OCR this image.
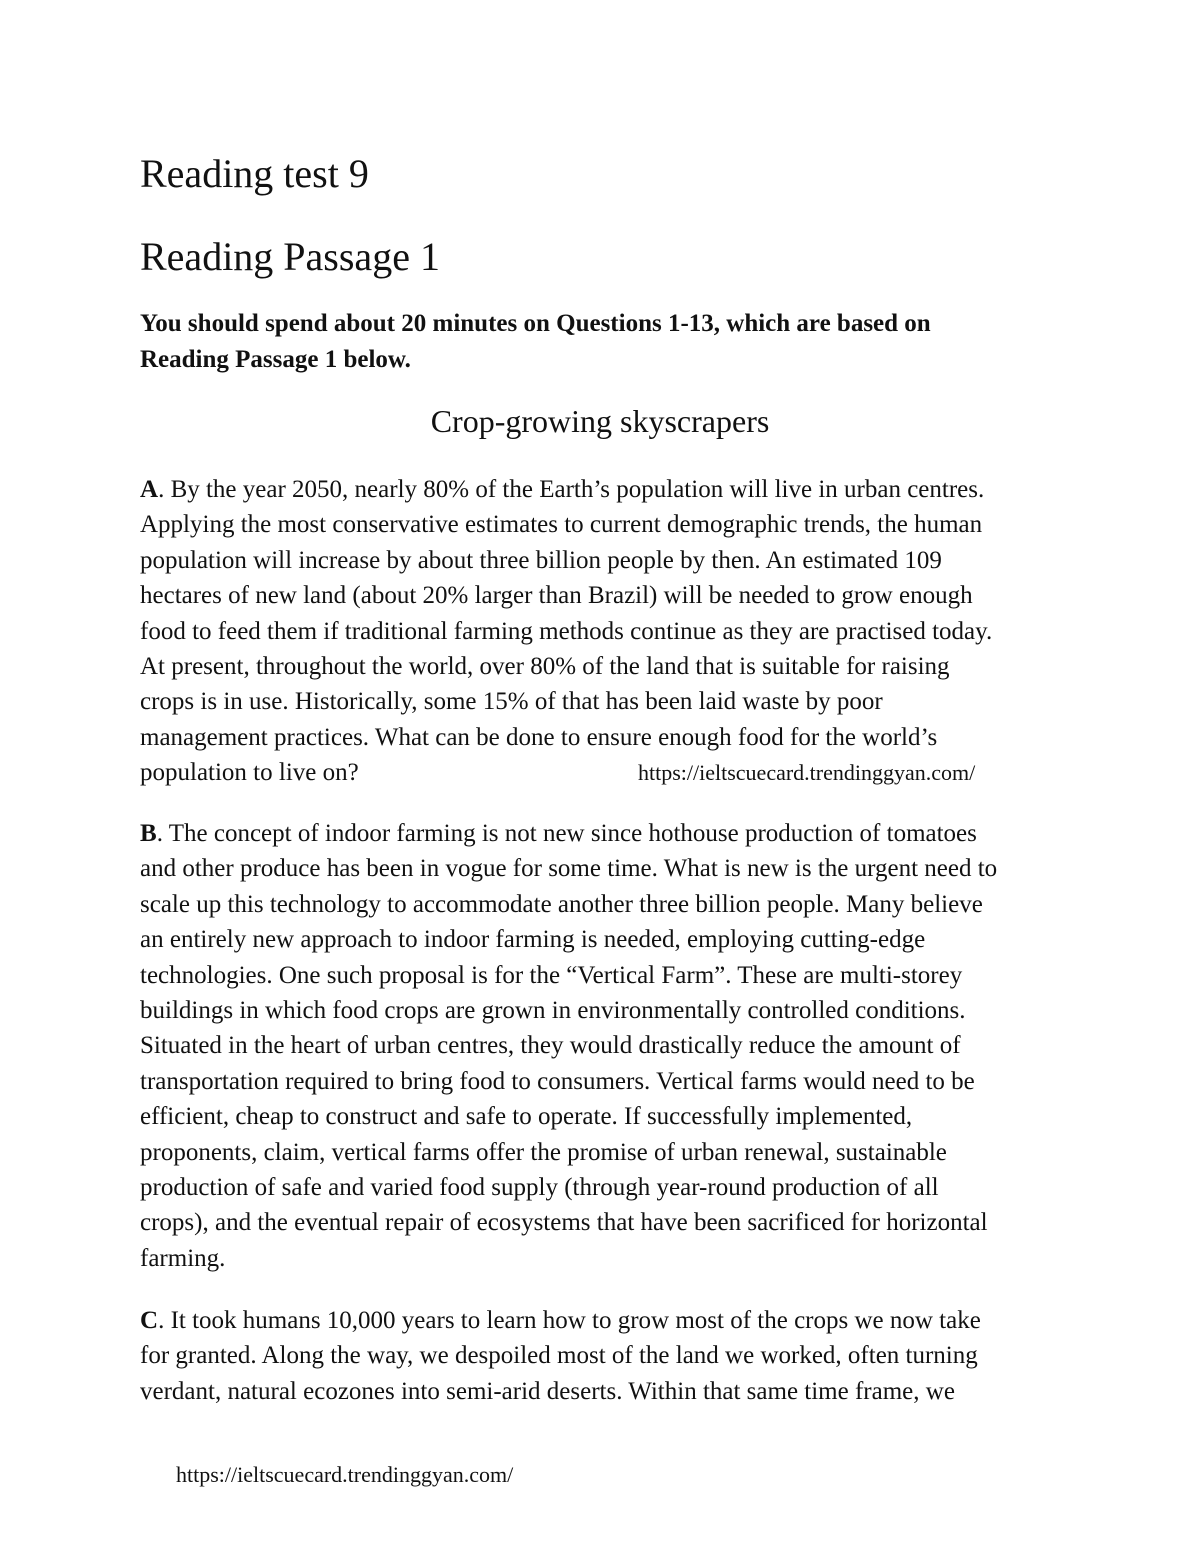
Reading test 9
Reading Passage 1
You should spend about 20 minutes on Questions 1-13, which are based on
Reading Passage 1 below.
Crop-growing skyscrapers
A. By the year 2050, nearly 80% of the Earth’s population will live in urban centres.
Applying the most conservative estimates to current demographic trends, the human
population will increase by about three billion people by then. An estimated 109
hectares of new land (about 20% larger than Brazil) will be needed to grow enough
food to feed them if traditional farming methods continue as they are practised today.
At present, throughout the world, over 80% of the land that is suitable for raising
crops is in use. Historically, some 15% of that has been laid waste by poor
management practices. What can be done to ensure enough food for the world’s
population to live on?	https://ieltscuecard.trendinggyan.com/
B. The concept of indoor farming is not new since hothouse production of tomatoes
and other produce has been in vogue for some time. What is new is the urgent need to
scale up this technology to accommodate another three billion people. Many believe
an entirely new approach to indoor farming is needed, employing cutting-edge
technologies. One such proposal is for the “Vertical Farm”. These are multi-storey
buildings in which food crops are grown in environmentally controlled conditions.
Situated in the heart of urban centres, they would drastically reduce the amount of
transportation required to bring food to consumers. Vertical farms would need to be
efficient, cheap to construct and safe to operate. If successfully implemented,
proponents, claim, vertical farms offer the promise of urban renewal, sustainable
production of safe and varied food supply (through year-round production of all
crops), and the eventual repair of ecosystems that have been sacrificed for horizontal
farming.
C. It took humans 10,000 years to learn how to grow most of the crops we now take
for granted. Along the way, we despoiled most of the land we worked, often turning
verdant, natural ecozones into semi-arid deserts. Within that same time frame, we
https://ieltscuecard.trendinggyan.com/
